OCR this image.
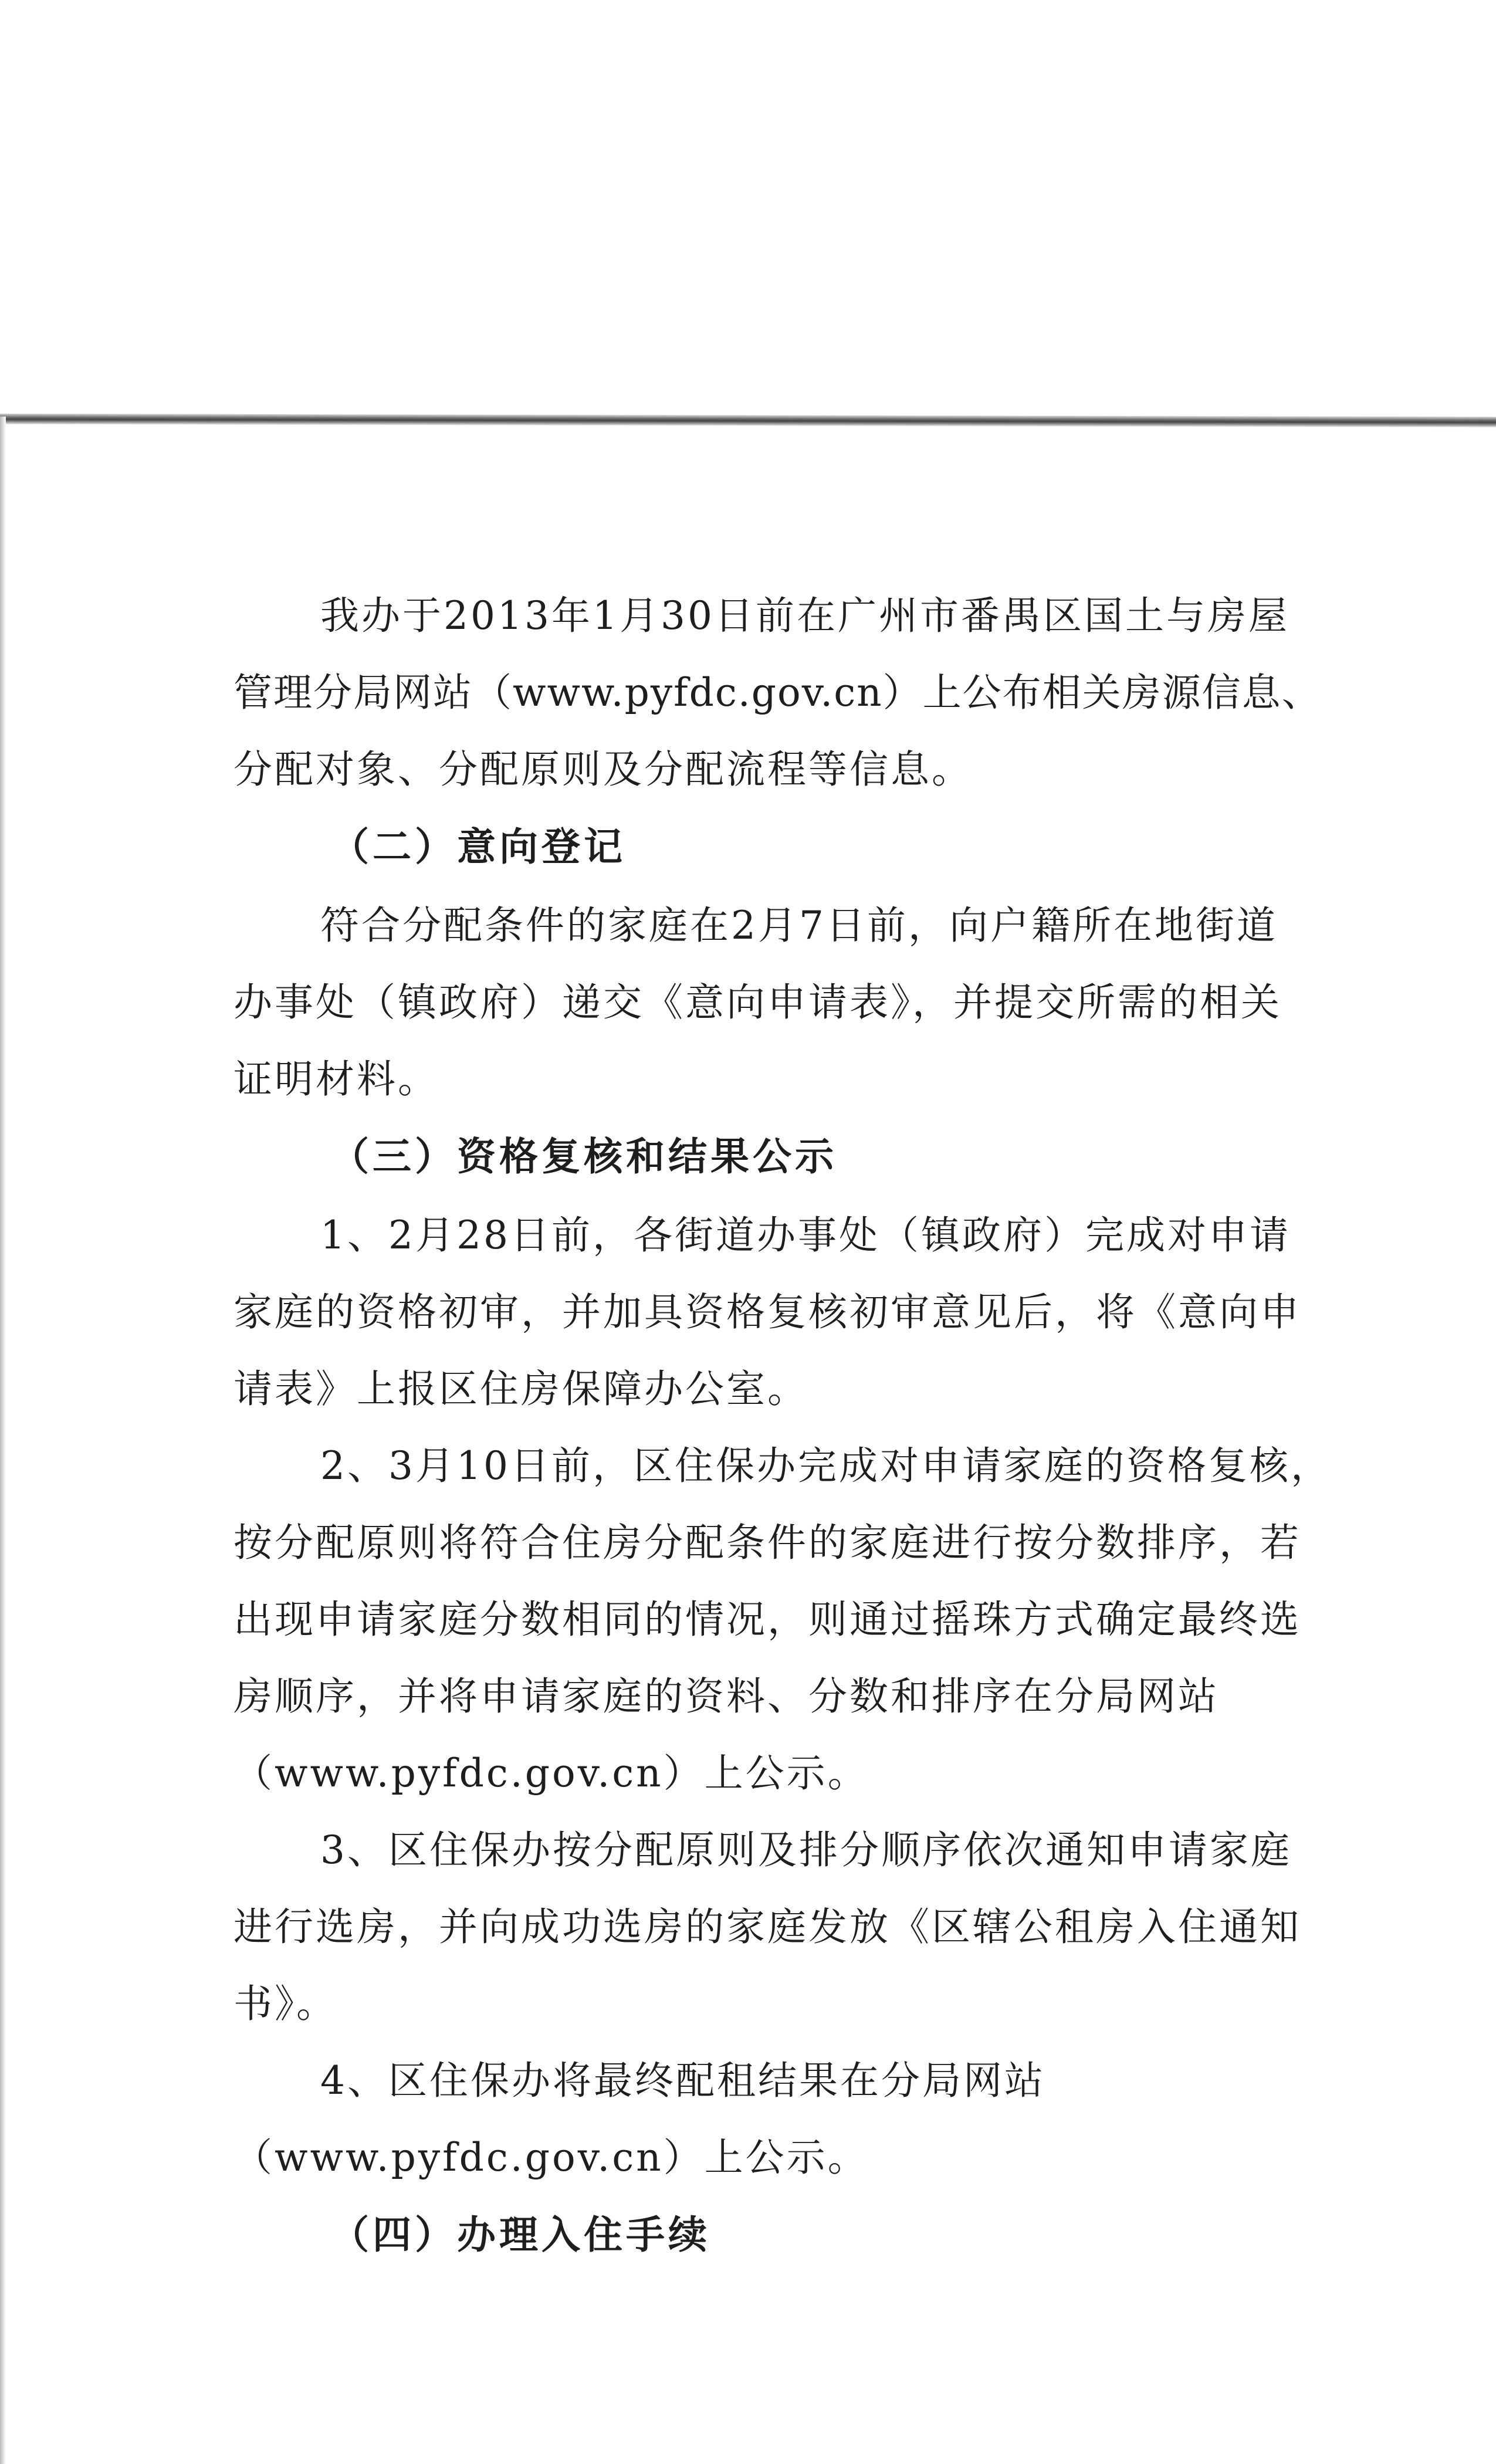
我办于2013年1月30日前在广州市番禺区国土与房屋
管理分局网站（www.pyfdc.gov.cn）上公布相关房源信息、
分配对象、分配原则及分配流程等信息。
（二）意向登记
符合分配条件的家庭在2月7日前，向户籍所在地街道
办事处（镇政府）递交《意向申请表》，并提交所需的相关
证明材料。
（三）资格复核和结果公示
1、2月28日前，各街道办事处（镇政府）完成对申请
家庭的资格初审，并加具资格复核初审意见后，将《意向申
请表》上报区住房保障办公室。
2、3月10日前，区住保办完成对申请家庭的资格复核，
按分配原则将符合住房分配条件的家庭进行按分数排序，若
出现申请家庭分数相同的情况，则通过摇珠方式确定最终选
房顺序，并将申请家庭的资料、分数和排序在分局网站
（www.pyfdc.gov.cn）上公示。
3、区住保办按分配原则及排分顺序依次通知申请家庭
进行选房，并向成功选房的家庭发放《区辖公租房入住通知
书》。
4、区住保办将最终配租结果在分局网站
（www.pyfdc.gov.cn）上公示。
（四）办理入住手续
